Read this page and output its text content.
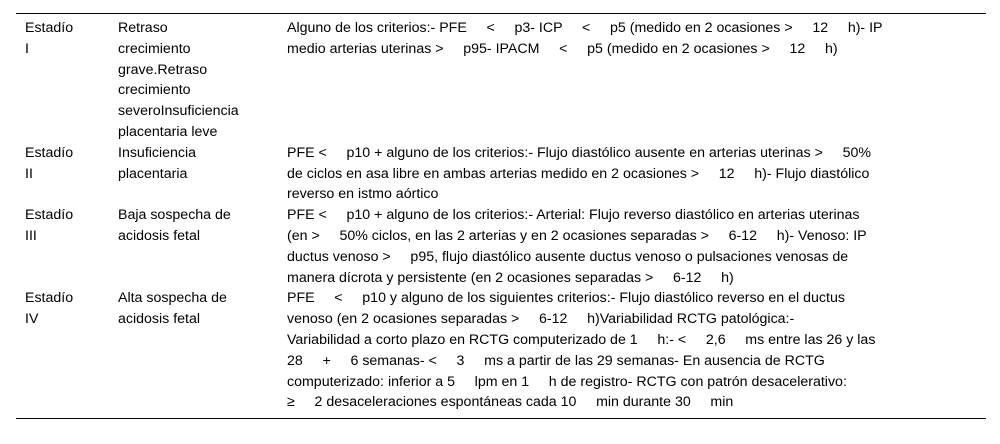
Estadío
I
Retraso
crecimiento
grave.Retraso
crecimiento
severoInsuficiencia
placentaria leve
Alguno de los criterios:- PFE     <     p3- ICP     <     p5 (medido en 2 ocasiones >     12     h)- IP
medio arterias uterinas >     p95- IPACM     <     p5 (medido en 2 ocasiones >     12     h)
Estadío
II
Insuficiencia
placentaria
PFE <     p10 + alguno de los criterios:- Flujo diastólico ausente en arterias uterinas >     50%
de ciclos en asa libre en ambas arterias medido en 2 ocasiones >     12     h)- Flujo diastólico
reverso en istmo aórtico
Estadío
III
Baja sospecha de
acidosis fetal
PFE <     p10 + alguno de los criterios:- Arterial: Flujo reverso diastólico en arterias uterinas
(en >     50% ciclos, en las 2 arterias y en 2 ocasiones separadas >     6-12     h)- Venoso: IP
ductus venoso >     p95, flujo diastólico ausente ductus venoso o pulsaciones venosas de
manera dícrota y persistente (en 2 ocasiones separadas >     6-12     h)
Estadío
IV
Alta sospecha de
acidosis fetal
PFE     <     p10 y alguno de los siguientes criterios:- Flujo diastólico reverso en el ductus
venoso (en 2 ocasiones separadas >     6-12     h)Variabilidad RCTG patológica:-
Variabilidad a corto plazo en RCTG computerizado de 1     h:- <     2,6     ms entre las 26 y las
28     +     6 semanas- <     3     ms a partir de las 29 semanas- En ausencia de RCTG
computerizado: inferior a 5     lpm en 1     h de registro- RCTG con patrón desacelerativo:
≥     2 desaceleraciones espontáneas cada 10     min durante 30     min
